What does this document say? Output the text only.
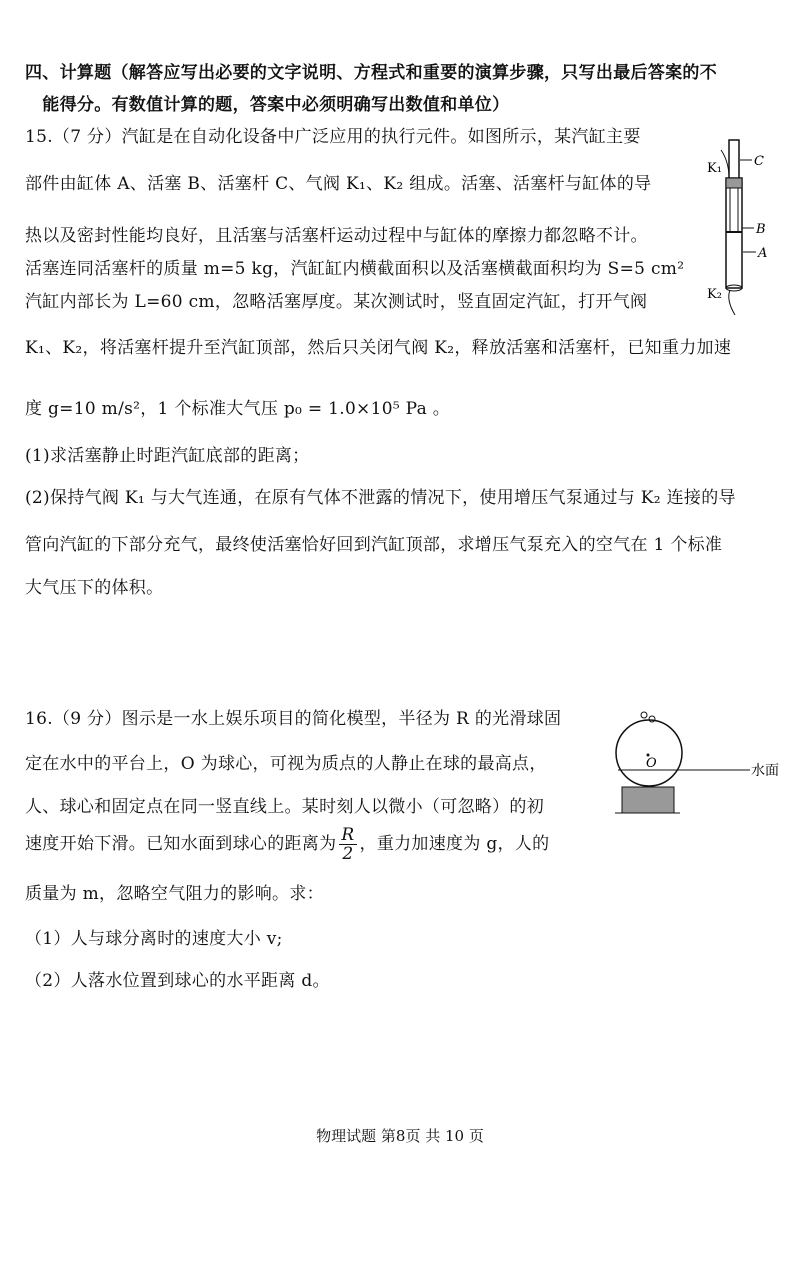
四、计算题（解答应写出必要的文字说明、方程式和重要的演算步骤，只写出最后答案的不
　能得分。有数值计算的题，答案中必须明确写出数值和单位）
15.（7 分）汽缸是在自动化设备中广泛应用的执行元件。如图所示，某汽缸主要
部件由缸体 A、活塞 B、活塞杆 C、气阀 K₁、K₂ 组成。活塞、活塞杆与缸体的导
热以及密封性能均良好，且活塞与活塞杆运动过程中与缸体的摩擦力都忽略不计。
活塞连同活塞杆的质量 m=5 kg，汽缸缸内横截面积以及活塞横截面积均为 S=5 cm²
汽缸内部长为 L=60 cm，忽略活塞厚度。某次测试时，竖直固定汽缸，打开气阀
K₁、K₂，将活塞杆提升至汽缸顶部，然后只关闭气阀 K₂，释放活塞和活塞杆，已知重力加速
度 g=10 m/s²，1 个标准大气压 p₀ = 1.0×10⁵ Pa 。
(1)求活塞静止时距汽缸底部的距离；
(2)保持气阀 K₁ 与大气连通，在原有气体不泄露的情况下，使用增压气泵通过与 K₂ 连接的导
管向汽缸的下部分充气，最终使活塞恰好回到汽缸顶部，求增压气泵充入的空气在 1 个标准
大气压下的体积。
K₁ C
B
A
K₂
16.（9 分）图示是一水上娱乐项目的简化模型，半径为 R 的光滑球固
定在水中的平台上，O 为球心，可视为质点的人静止在球的最高点，
人、球心和固定点在同一竖直线上。某时刻人以微小（可忽略）的初
速度开始下滑。已知水面到球心的距离为 $\frac{R}{2}$ ，重力加速度为 g，人的
质量为 m，忽略空气阻力的影响。求：
（1）人与球分离时的速度大小 v;
（2）人落水位置到球心的水平距离 d。
O	水面
物理试题 第8页 共 10 页
